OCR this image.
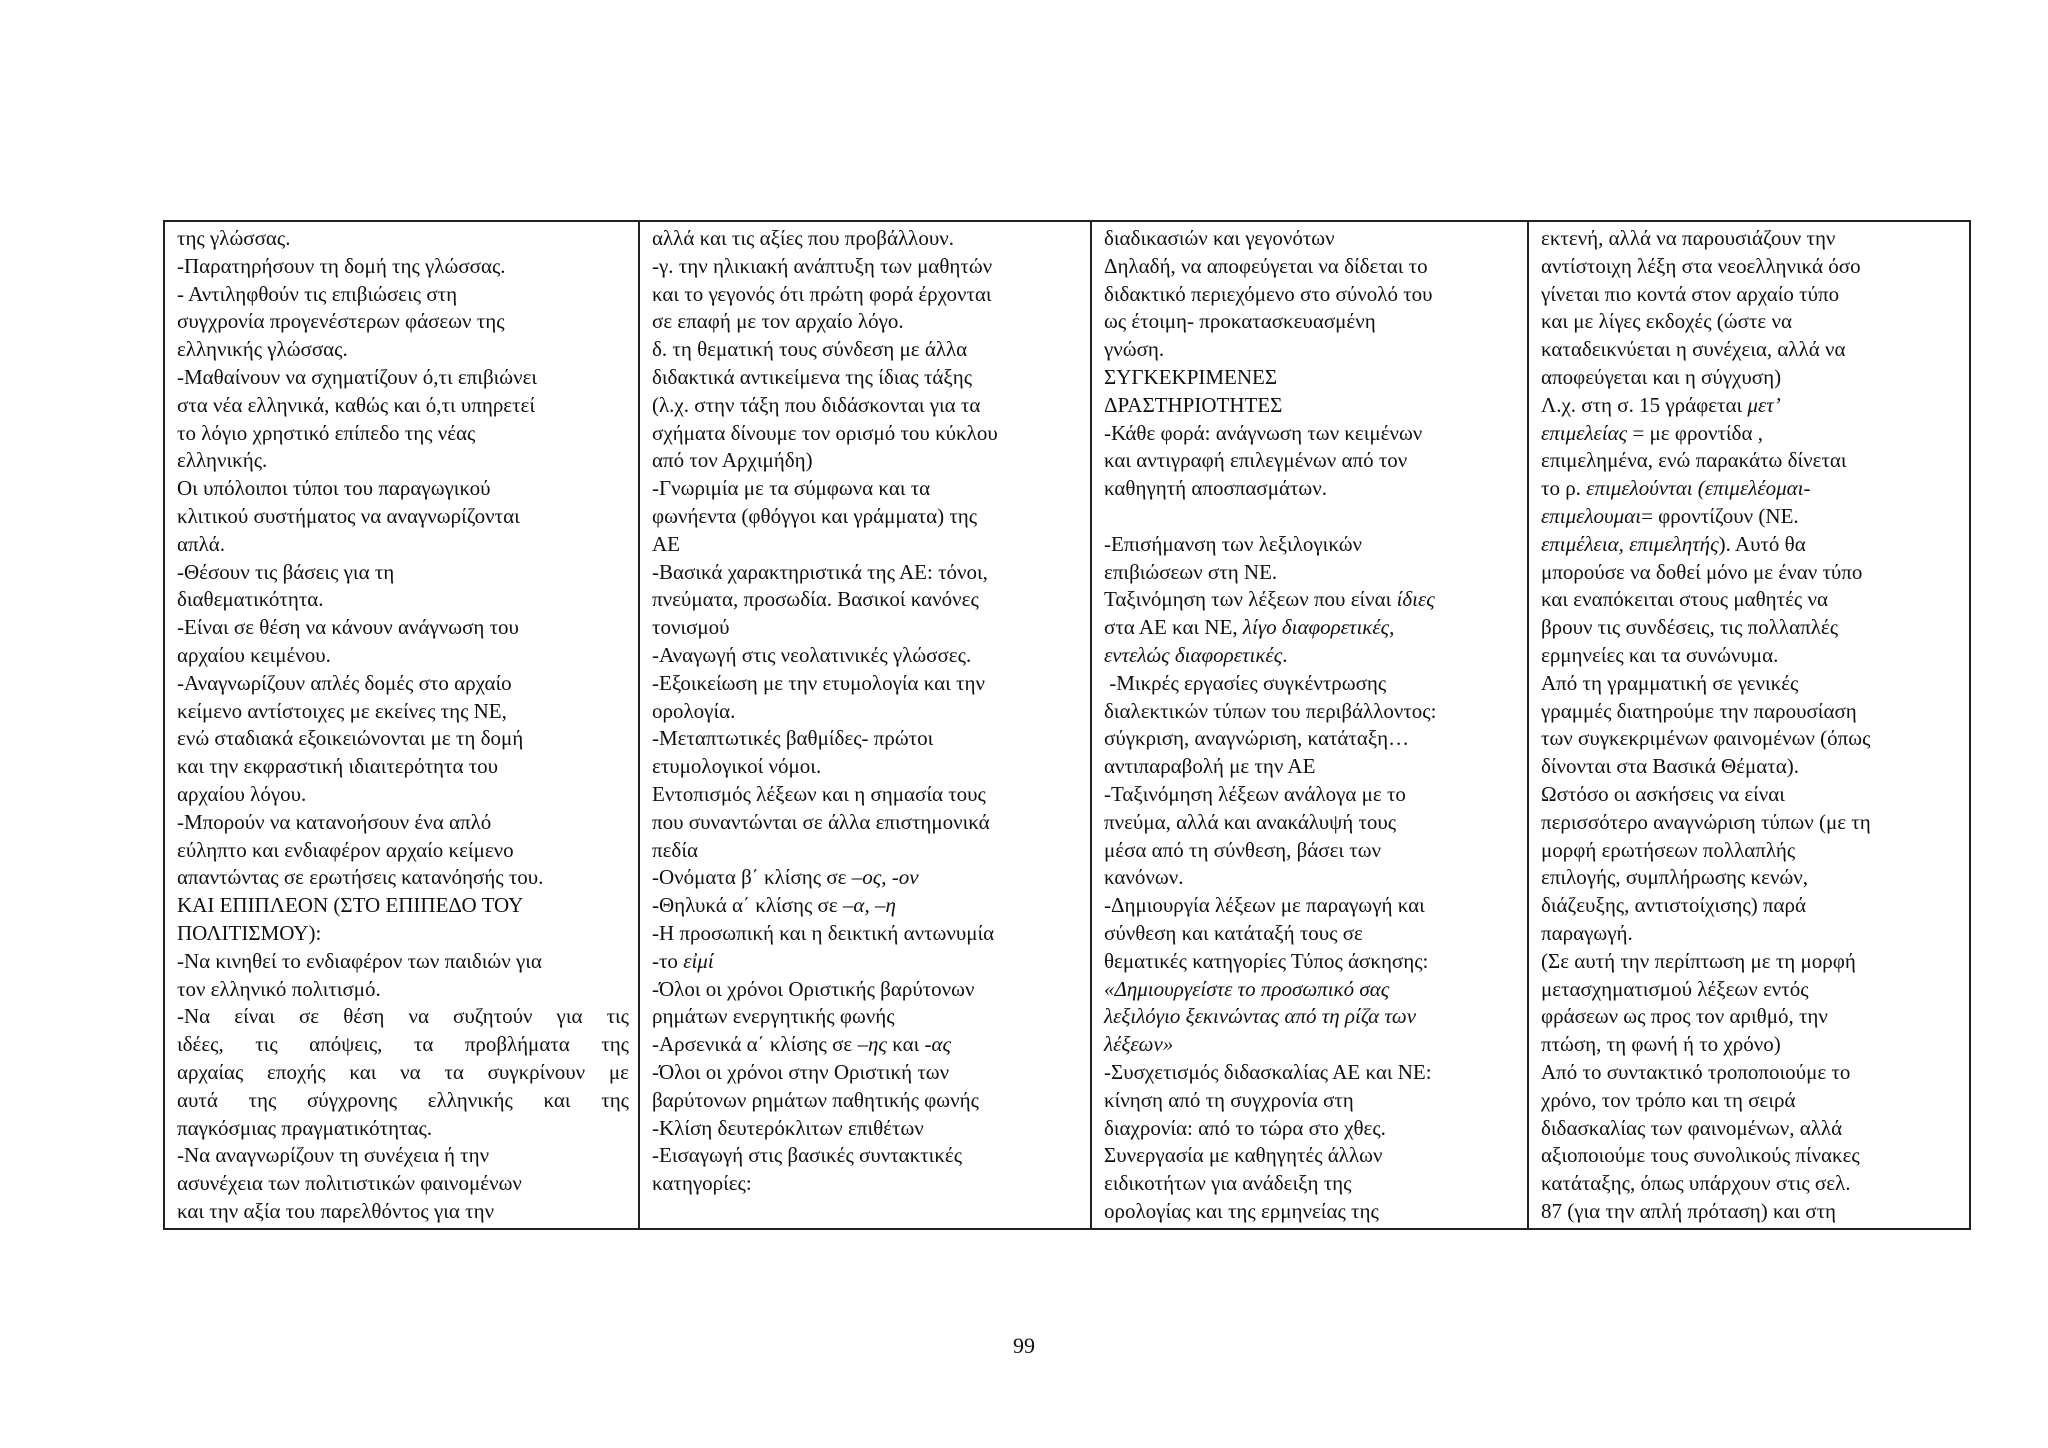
της γλώσσας.
-Παρατηρήσουν τη δομή της γλώσσας.
- Αντιληφθούν τις επιβιώσεις στη
συγχρονία προγενέστερων φάσεων της
ελληνικής γλώσσας.
-Μαθαίνουν να σχηματίζουν ό,τι επιβιώνει
στα νέα ελληνικά, καθώς και ό,τι υπηρετεί
το λόγιο χρηστικό επίπεδο της νέας
ελληνικής.
Οι υπόλοιποι τύποι του παραγωγικού
κλιτικού συστήματος να αναγνωρίζονται
απλά.
-Θέσουν τις βάσεις για τη
διαθεματικότητα.
-Είναι σε θέση να κάνουν ανάγνωση του
αρχαίου κειμένου.
-Αναγνωρίζουν απλές δομές στο αρχαίο
κείμενο αντίστοιχες με εκείνες της ΝΕ,
ενώ σταδιακά εξοικειώνονται με τη δομή
και την εκφραστική ιδιαιτερότητα του
αρχαίου λόγου.
-Μπορούν να κατανοήσουν ένα απλό
εύληπτο και ενδιαφέρον αρχαίο κείμενο
απαντώντας σε ερωτήσεις κατανόησής του.
ΚΑΙ ΕΠΙΠΛΕΟΝ (ΣΤΟ ΕΠΙΠΕΔΟ ΤΟΥ
ΠΟΛΙΤΙΣΜΟΥ):
-Να κινηθεί το ενδιαφέρον των παιδιών για
τον ελληνικό πολιτισμό.
-Να είναι σε θέση να συζητούν για τις
ιδέες, τις απόψεις, τα προβλήματα της
αρχαίας εποχής και να τα συγκρίνουν με
αυτά της σύγχρονης ελληνικής και της
παγκόσμιας πραγματικότητας.
-Να αναγνωρίζουν τη συνέχεια ή την
ασυνέχεια των πολιτιστικών φαινομένων
και την αξία του παρελθόντος για την

αλλά και τις αξίες που προβάλλουν.
-γ. την ηλικιακή ανάπτυξη των μαθητών
και το γεγονός ότι πρώτη φορά έρχονται
σε επαφή με τον αρχαίο λόγο.
δ. τη θεματική τους σύνδεση με άλλα
διδακτικά αντικείμενα της ίδιας τάξης
(λ.χ. στην τάξη που διδάσκονται για τα
σχήματα δίνουμε τον ορισμό του κύκλου
από τον Αρχιμήδη)
-Γνωριμία με τα σύμφωνα και τα
φωνήεντα (φθόγγοι και γράμματα) της
ΑΕ
-Βασικά χαρακτηριστικά της ΑΕ: τόνοι,
πνεύματα, προσωδία. Βασικοί κανόνες
τονισμού
-Αναγωγή στις νεολατινικές γλώσσες.
-Εξοικείωση με την ετυμολογία και την
ορολογία.
-Μεταπτωτικές βαθμίδες- πρώτοι
ετυμολογικοί νόμοι.
Εντοπισμός λέξεων και η σημασία τους
που συναντώνται σε άλλα επιστημονικά
πεδία
-Ονόματα β΄ κλίσης σε –ος, -ον
-Θηλυκά α΄ κλίσης σε –α, –η
-Η προσωπική και η δεικτική αντωνυμία
-το εἰμί
-Όλοι οι χρόνοι Οριστικής βαρύτονων
ρημάτων ενεργητικής φωνής
-Αρσενικά α΄ κλίσης σε –ης και -ας
-Όλοι οι χρόνοι στην Οριστική των
βαρύτονων ρημάτων παθητικής φωνής
-Κλίση δευτερόκλιτων επιθέτων
-Εισαγωγή στις βασικές συντακτικές
κατηγορίες:

διαδικασιών και γεγονότων
Δηλαδή, να αποφεύγεται να δίδεται το
διδακτικό περιεχόμενο στο σύνολό του
ως έτοιμη- προκατασκευασμένη
γνώση.
ΣΥΓΚΕΚΡΙΜΕΝΕΣ
ΔΡΑΣΤΗΡΙΟΤΗΤΕΣ
-Κάθε φορά: ανάγνωση των κειμένων
και αντιγραφή επιλεγμένων από τον
καθηγητή αποσπασμάτων.
-Επισήμανση των λεξιλογικών
επιβιώσεων στη ΝΕ.
Ταξινόμηση των λέξεων που είναι ίδιες
στα ΑΕ και ΝΕ, λίγο διαφορετικές,
εντελώς διαφορετικές.
-Μικρές εργασίες συγκέντρωσης
διαλεκτικών τύπων του περιβάλλοντος:
σύγκριση, αναγνώριση, κατάταξη…
αντιπαραβολή με την ΑΕ
-Ταξινόμηση λέξεων ανάλογα με το
πνεύμα, αλλά και ανακάλυψή τους
μέσα από τη σύνθεση, βάσει των
κανόνων.
-Δημιουργία λέξεων με παραγωγή και
σύνθεση και κατάταξή τους σε
θεματικές κατηγορίες Τύπος άσκησης:
«Δημιουργείστε το προσωπικό σας
λεξιλόγιο ξεκινώντας από τη ρίζα των
λέξεων»
-Συσχετισμός διδασκαλίας ΑΕ και ΝΕ:
κίνηση από τη συγχρονία στη
διαχρονία: από το τώρα στο χθες.
Συνεργασία με καθηγητές άλλων
ειδικοτήτων για ανάδειξη της
ορολογίας και της ερμηνείας της

εκτενή, αλλά να παρουσιάζουν την
αντίστοιχη λέξη στα νεοελληνικά όσο
γίνεται πιο κοντά στον αρχαίο τύπο
και με λίγες εκδοχές (ώστε να
καταδεικνύεται η συνέχεια, αλλά να
αποφεύγεται και η σύγχυση)
Λ.χ. στη σ. 15 γράφεται μετ’
επιμελείας = με φροντίδα ,
επιμελημένα, ενώ παρακάτω δίνεται
το ρ. επιμελούνται (επιμελέομαι-
επιμελουμαι= φροντίζουν (ΝΕ.
επιμέλεια, επιμελητής). Αυτό θα
μπορούσε να δοθεί μόνο με έναν τύπο
και εναπόκειται στους μαθητές να
βρουν τις συνδέσεις, τις πολλαπλές
ερμηνείες και τα συνώνυμα.
Από τη γραμματική σε γενικές
γραμμές διατηρούμε την παρουσίαση
των συγκεκριμένων φαινομένων (όπως
δίνονται στα Βασικά Θέματα).
Ωστόσο οι ασκήσεις να είναι
περισσότερο αναγνώριση τύπων (με τη
μορφή ερωτήσεων πολλαπλής
επιλογής, συμπλήρωσης κενών,
διάζευξης, αντιστοίχισης) παρά
παραγωγή.
(Σε αυτή την περίπτωση με τη μορφή
μετασχηματισμού λέξεων εντός
φράσεων ως προς τον αριθμό, την
πτώση, τη φωνή ή το χρόνο)
Από το συντακτικό τροποποιούμε το
χρόνο, τον τρόπο και τη σειρά
διδασκαλίας των φαινομένων, αλλά
αξιοποιούμε τους συνολικούς πίνακες
κατάταξης, όπως υπάρχουν στις σελ.
87 (για την απλή πρόταση) και στη
99
